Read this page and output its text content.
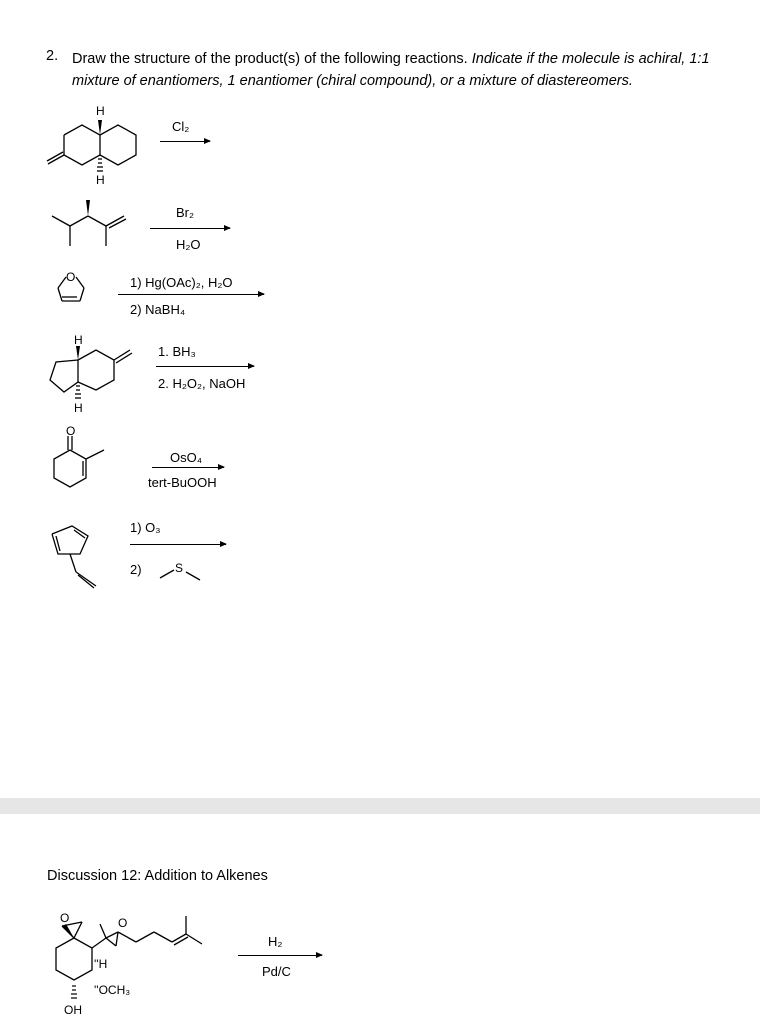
2. Draw the structure of the product(s) of the following reactions. Indicate if the molecule is achiral, 1:1 mixture of enantiomers, 1 enantiomer (chiral compound), or a mixture of diastereomers.
H
H
Cl₂
Br₂
H₂O
O	1) Hg(OAc)₂, H₂O
2) NaBH₄
H
H
1. BH₃
2. H₂O₂, NaOH
O
OsO₄
tert-BuOOH
1) O₃
2)	S
Discussion 12: Addition to Alkenes
O
O
''H
''OCH₃
OH
H₂
Pd/C
